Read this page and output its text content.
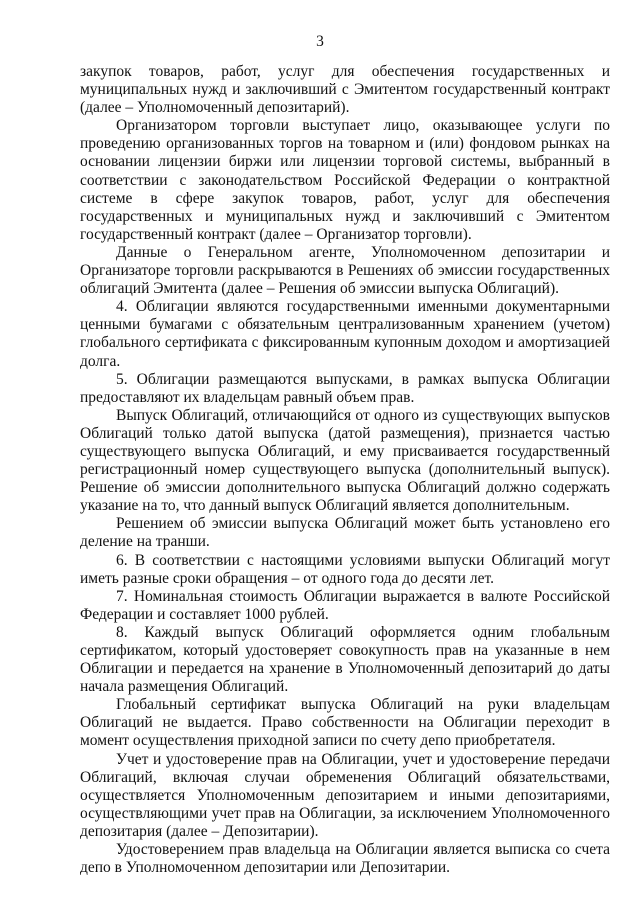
3

закупок товаров, работ, услуг для обеспечения государственных и муниципальных нужд и заключивший с Эмитентом государственный контракт (далее – Уполномоченный депозитарий).

Организатором торговли выступает лицо, оказывающее услуги по проведению организованных торгов на товарном и (или) фондовом рынках на основании лицензии биржи или лицензии торговой системы, выбранный в соответствии с законодательством Российской Федерации о контрактной системе в сфере закупок товаров, работ, услуг для обеспечения государственных и муниципальных нужд и заключивший с Эмитентом государственный контракт (далее – Организатор торговли).

Данные о Генеральном агенте, Уполномоченном депозитарии и Организаторе торговли раскрываются в Решениях об эмиссии государственных облигаций Эмитента (далее – Решения об эмиссии выпуска Облигаций).

4. Облигации являются государственными именными документарными ценными бумагами с обязательным централизованным хранением (учетом) глобального сертификата с фиксированным купонным доходом и амортизацией долга.

5. Облигации размещаются выпусками, в рамках выпуска Облигации предоставляют их владельцам равный объем прав.

Выпуск Облигаций, отличающийся от одного из существующих выпусков Облигаций только датой выпуска (датой размещения), признается частью существующего выпуска Облигаций, и ему присваивается государственный регистрационный номер существующего выпуска (дополнительный выпуск). Решение об эмиссии дополнительного выпуска Облигаций должно содержать указание на то, что данный выпуск Облигаций является дополнительным.

Решением об эмиссии выпуска Облигаций может быть установлено его деление на транши.

6. В соответствии с настоящими условиями выпуски Облигаций могут иметь разные сроки обращения – от одного года до десяти лет.

7. Номинальная стоимость Облигации выражается в валюте Российской Федерации и составляет 1000 рублей.

8. Каждый выпуск Облигаций оформляется одним глобальным сертификатом, который удостоверяет совокупность прав на указанные в нем Облигации и передается на хранение в Уполномоченный депозитарий до даты начала размещения Облигаций.

Глобальный сертификат выпуска Облигаций на руки владельцам Облигаций не выдается. Право собственности на Облигации переходит в момент осуществления приходной записи по счету депо приобретателя.

Учет и удостоверение прав на Облигации, учет и удостоверение передачи Облигаций, включая случаи обременения Облигаций обязательствами, осуществляется Уполномоченным депозитарием и иными депозитариями, осуществляющими учет прав на Облигации, за исключением Уполномоченного депозитария (далее – Депозитарии).

Удостоверением прав владельца на Облигации является выписка со счета депо в Уполномоченном депозитарии или Депозитарии.
